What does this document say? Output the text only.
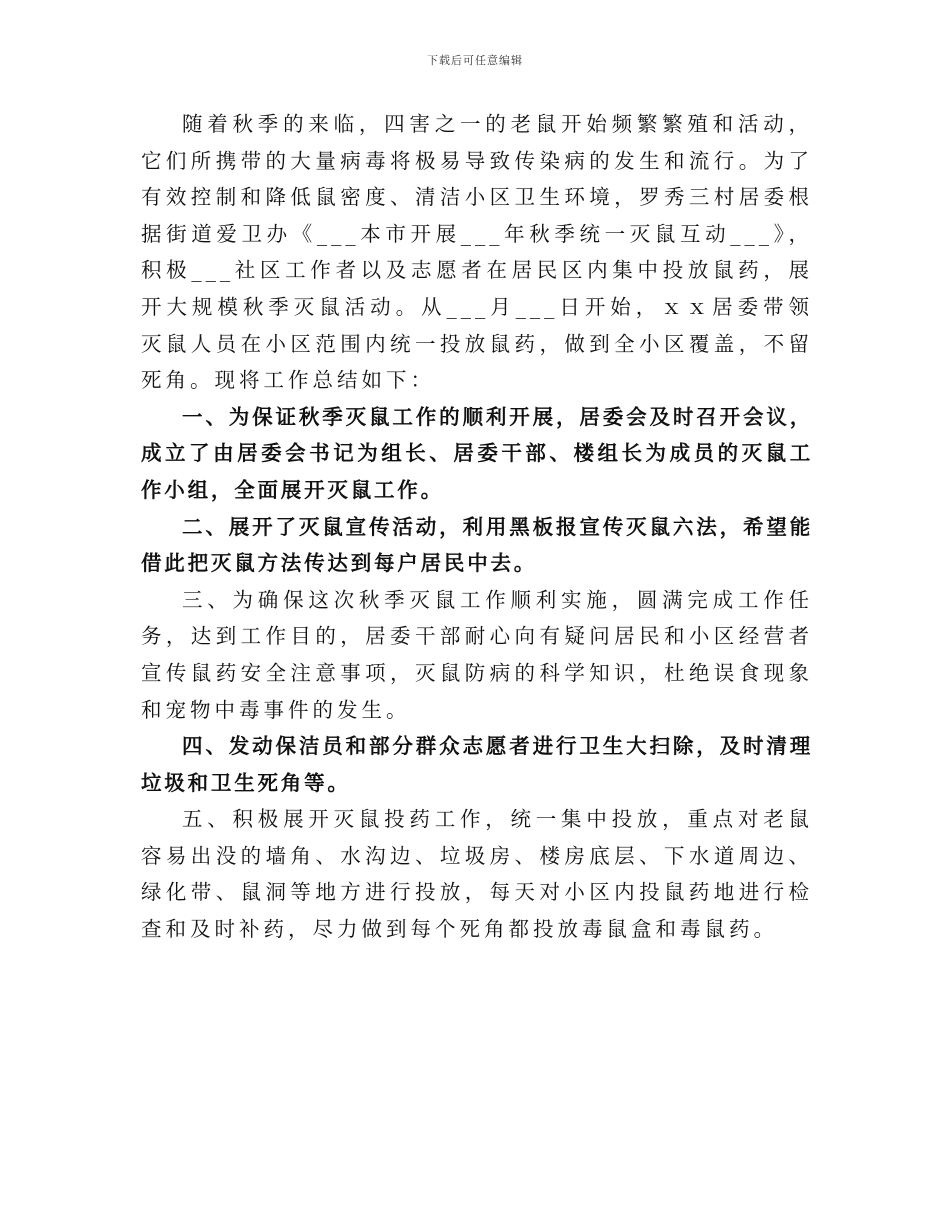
下载后可任意编辑

随着秋季的来临，四害之一的老鼠开始频繁繁殖和活动，它们所携带的大量病毒将极易导致传染病的发生和流行。为了有效控制和降低鼠密度、清洁小区卫生环境，罗秀三村居委根据街道爱卫办《___本市开展___年秋季统一灭鼠互动___》，积极___社区工作者以及志愿者在居民区内集中投放鼠药，展开大规模秋季灭鼠活动。从___月___日开始，ｘｘ居委带领灭鼠人员在小区范围内统一投放鼠药，做到全小区覆盖，不留死角。现将工作总结如下：

一、为保证秋季灭鼠工作的顺利开展，居委会及时召开会议，成立了由居委会书记为组长、居委干部、楼组长为成员的灭鼠工作小组，全面展开灭鼠工作。

二、展开了灭鼠宣传活动，利用黑板报宣传灭鼠六法，希望能借此把灭鼠方法传达到每户居民中去。

三、为确保这次秋季灭鼠工作顺利实施，圆满完成工作任务，达到工作目的，居委干部耐心向有疑问居民和小区经营者宣传鼠药安全注意事项，灭鼠防病的科学知识，杜绝误食现象和宠物中毒事件的发生。

四、发动保洁员和部分群众志愿者进行卫生大扫除，及时清理垃圾和卫生死角等。

五、积极展开灭鼠投药工作，统一集中投放，重点对老鼠容易出没的墙角、水沟边、垃圾房、楼房底层、下水道周边、绿化带、鼠洞等地方进行投放，每天对小区内投鼠药地进行检查和及时补药，尽力做到每个死角都投放毒鼠盒和毒鼠药。
